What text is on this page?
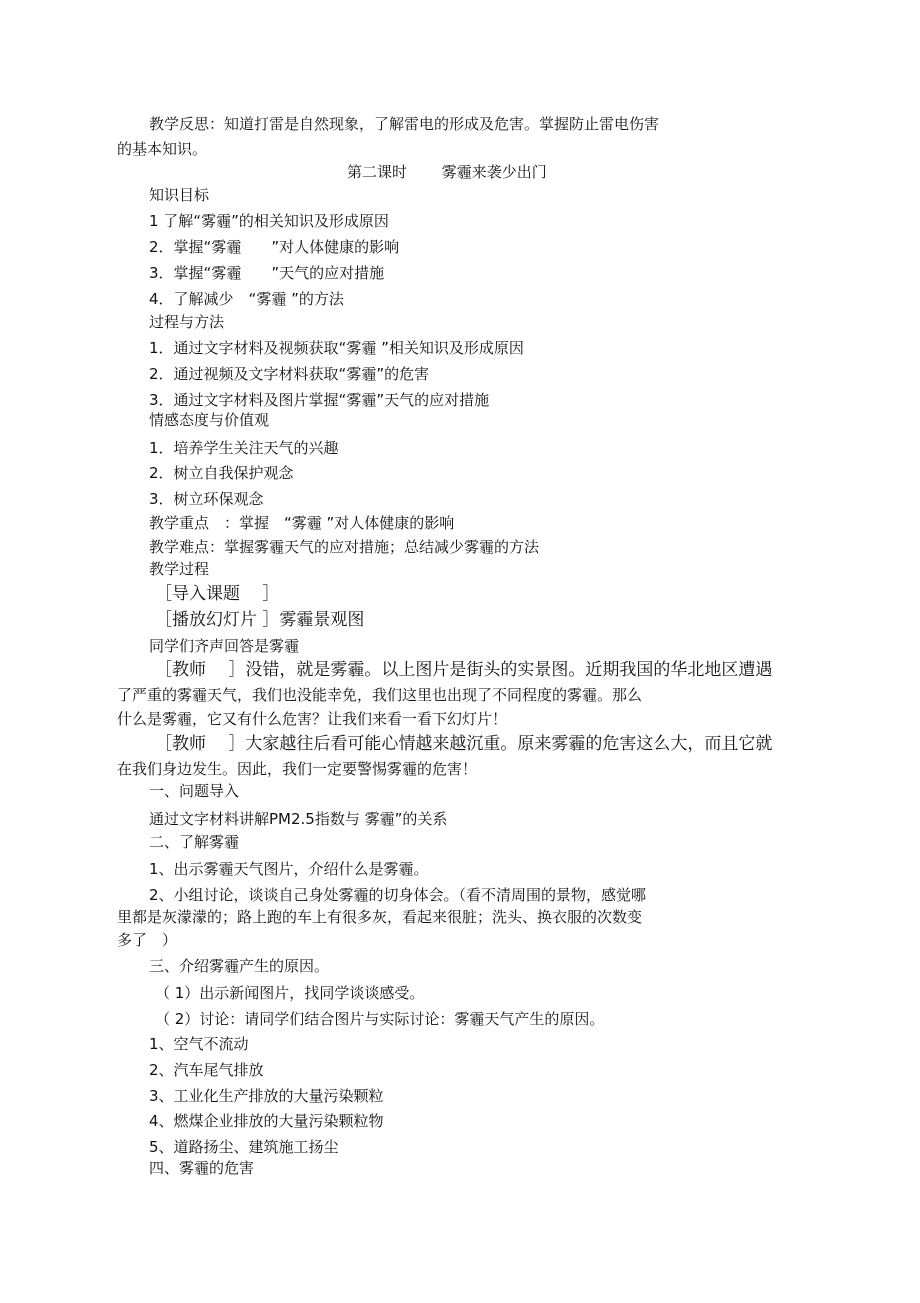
教学反思：知道打雷是自然现象，了解雷电的形成及危害。掌握防止雷电伤害

的基本知识。

第二课时　　 雾霾来袭少出门

知识目标

1 了解“雾霾”的相关知识及形成原因

2．掌握“雾霾　　”对人体健康的影响

3．掌握“雾霾　　”天气的应对措施

4．了解减少　“雾霾 ”的方法

过程与方法

1．通过文字材料及视频获取“雾霾 ”相关知识及形成原因

2．通过视频及文字材料获取“雾霾”的危害

3．通过文字材料及图片掌握“雾霾”天气的应对措施

情感态度与价值观

1．培养学生关注天气的兴趣

2．树立自我保护观念

3．树立环保观念

教学重点　：掌握　“雾霾 ”对人体健康的影响

教学难点：掌握雾霾天气的应对措施；总结减少雾霾的方法

教学过程

［导入课题　 ］

［播放幻灯片 ］雾霾景观图

同学们齐声回答是雾霾

［教师　 ］没错，就是雾霾。以上图片是街头的实景图。近期我国的华北地区遭遇

了严重的雾霾天气，我们也没能幸免，我们这里也出现了不同程度的雾霾。那么

什么是雾霾，它又有什么危害？让我们来看一看下幻灯片！

［教师　 ］大家越往后看可能心情越来越沉重。原来雾霾的危害这么大，而且它就

在我们身边发生。因此，我们一定要警惕雾霾的危害！

一、问题导入

通过文字材料讲解PM2.5指数与 雾霾”的关系

二、了解雾霾

1、出示雾霾天气图片，介绍什么是雾霾。

2、小组讨论，谈谈自己身处雾霾的切身体会。（看不清周围的景物，感觉哪

里都是灰濛濛的；路上跑的车上有很多灰，看起来很脏；洗头、换衣服的次数变

多了　）

三、介绍雾霾产生的原因。

（ 1）出示新闻图片，找同学谈谈感受。

（ 2）讨论：请同学们结合图片与实际讨论：雾霾天气产生的原因。

1、空气不流动

2、汽车尾气排放

3、工业化生产排放的大量污染颗粒

4、燃煤企业排放的大量污染颗粒物

5、道路扬尘、建筑施工扬尘

四、雾霾的危害
